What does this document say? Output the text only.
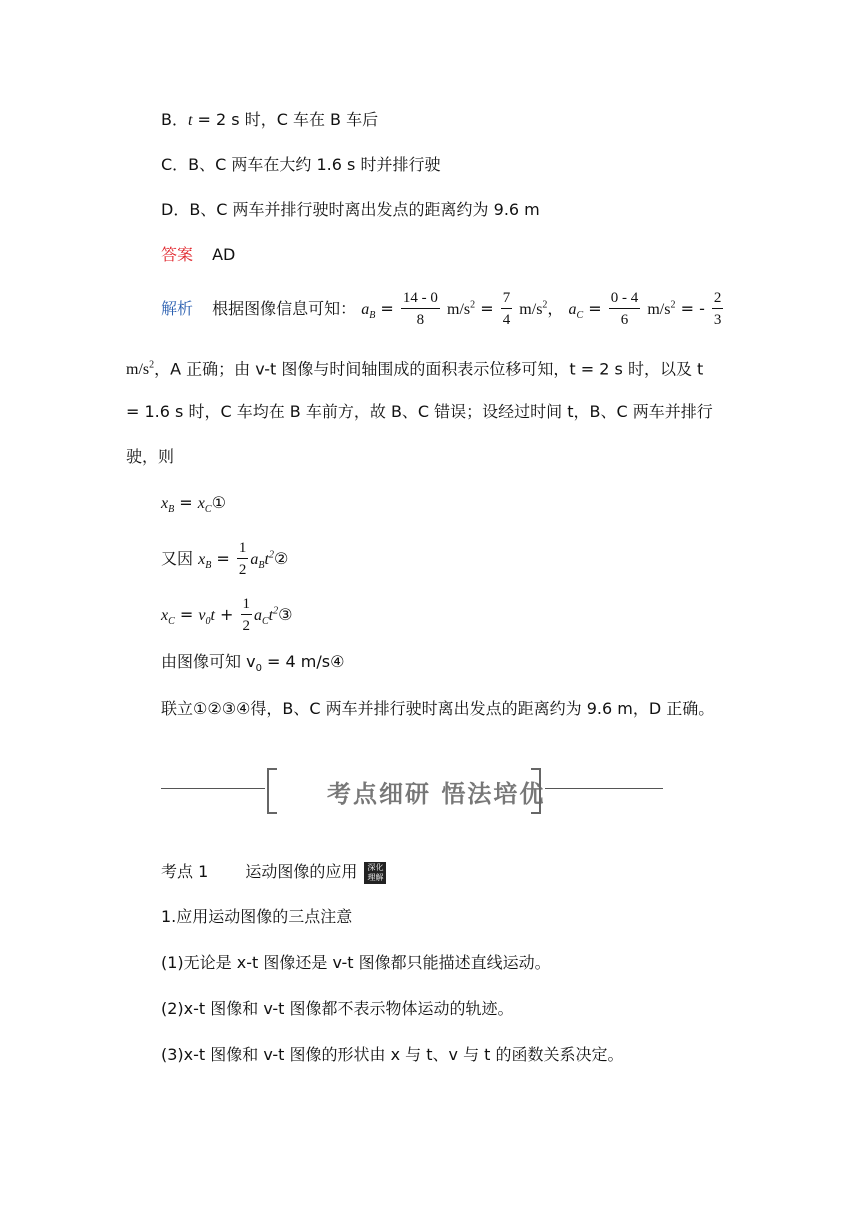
B．t = 2 s 时，C 车在 B 车后
C．B、C 两车在大约 1.6 s 时并排行驶
D．B、C 两车并排行驶时离出发点的距离约为 9.6 m
答案 AD
解析 根据图像信息可知： $a_B = \frac{14 - 0}{8} m/s^2 = \frac{7}{4} m/s^2$， $a_C = \frac{0 - 4}{6} m/s^2$ = - $\frac{2}{3}$
$m/s^2$，A 正确；由 v-t 图像与时间轴围成的面积表示位移可知，t = 2 s 时，以及 t
= 1.6 s 时，C 车均在 B 车前方，故 B、C 错误；设经过时间 t，B、C 两车并排行
驶，则
$x_B$ = $x_C①$
又因 $x_B = \frac{1}{2}$ $a_Bt^2②$
$x_C = v_0t + \frac{1}{2}$ $a_Ct^2③$
由图像可知 $v_0 = 4$ m/s④
联立①②③④得，B、C 两车并排行驶时离出发点的距离约为 9.6 m，D 正确。
考点细研 悟法培优
考点 1 运动图像的应用 深化
理解
1.应用运动图像的三点注意
(1)无论是 x-t 图像还是 v-t 图像都只能描述直线运动。
(2)x-t 图像和 v-t 图像都不表示物体运动的轨迹。
(3)x-t 图像和 v-t 图像的形状由 x 与 t、v 与 t 的函数关系决定。
